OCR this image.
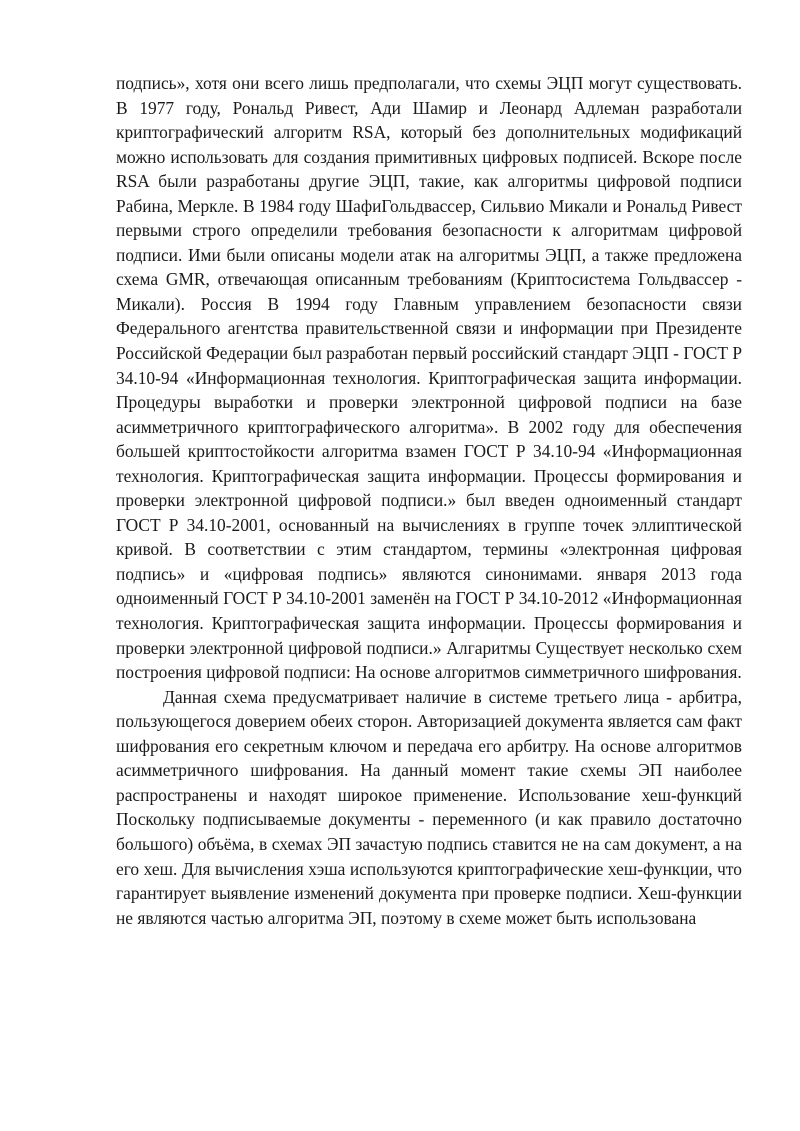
подпись», хотя они всего лишь предполагали, что схемы ЭЦП могут существовать. В 1977 году, Рональд Ривест, Ади Шамир и Леонард Адлеман разработали криптографический алгоритм RSA, который без дополнительных модификаций можно использовать для создания примитивных цифровых подписей. Вскоре после RSA были разработаны другие ЭЦП, такие, как алгоритмы цифровой подписи Рабина, Меркле. В 1984 году ШафиГольдвассер, Сильвио Микали и Рональд Ривест первыми строго определили требования безопасности к алгоритмам цифровой подписи. Ими были описаны модели атак на алгоритмы ЭЦП, а также предложена схема GMR, отвечающая описанным требованиям (Криптосистема Гольдвассер - Микали). Россия В 1994 году Главным управлением безопасности связи Федерального агентства правительственной связи и информации при Президенте Российской Федерации был разработан первый российский стандарт ЭЦП - ГОСТ Р 34.10-94 «Информационная технология. Криптографическая защита информации. Процедуры выработки и проверки электронной цифровой подписи на базе асимметричного криптографического алгоритма». В 2002 году для обеспечения большей криптостойкости алгоритма взамен ГОСТ Р 34.10-94 «Информационная технология. Криптографическая защита информации. Процессы формирования и проверки электронной цифровой подписи.» был введен одноименный стандарт ГОСТ Р 34.10-2001, основанный на вычислениях в группе точек эллиптической кривой. В соответствии с этим стандартом, термины «электронная цифровая подпись» и «цифровая подпись» являются синонимами. января 2013 года одноименный ГОСТ Р 34.10-2001 заменён на ГОСТ Р 34.10-2012 «Информационная технология. Криптографическая защита информации. Процессы формирования и проверки электронной цифровой подписи.» Алгаритмы Существует несколько схем построения цифровой подписи: На основе алгоритмов симметричного шифрования.

Данная схема предусматривает наличие в системе третьего лица - арбитра, пользующегося доверием обеих сторон. Авторизацией документа является сам факт шифрования его секретным ключом и передача его арбитру. На основе алгоритмов асимметричного шифрования. На данный момент такие схемы ЭП наиболее распространены и находят широкое применение. Использование хеш-функций Поскольку подписываемые документы - переменного (и как правило достаточно большого) объёма, в схемах ЭП зачастую подпись ставится не на сам документ, а на его хеш. Для вычисления хэша используются криптографические хеш-функции, что гарантирует выявление изменений документа при проверке подписи. Хеш-функции не являются частью алгоритма ЭП, поэтому в схеме может быть использована
